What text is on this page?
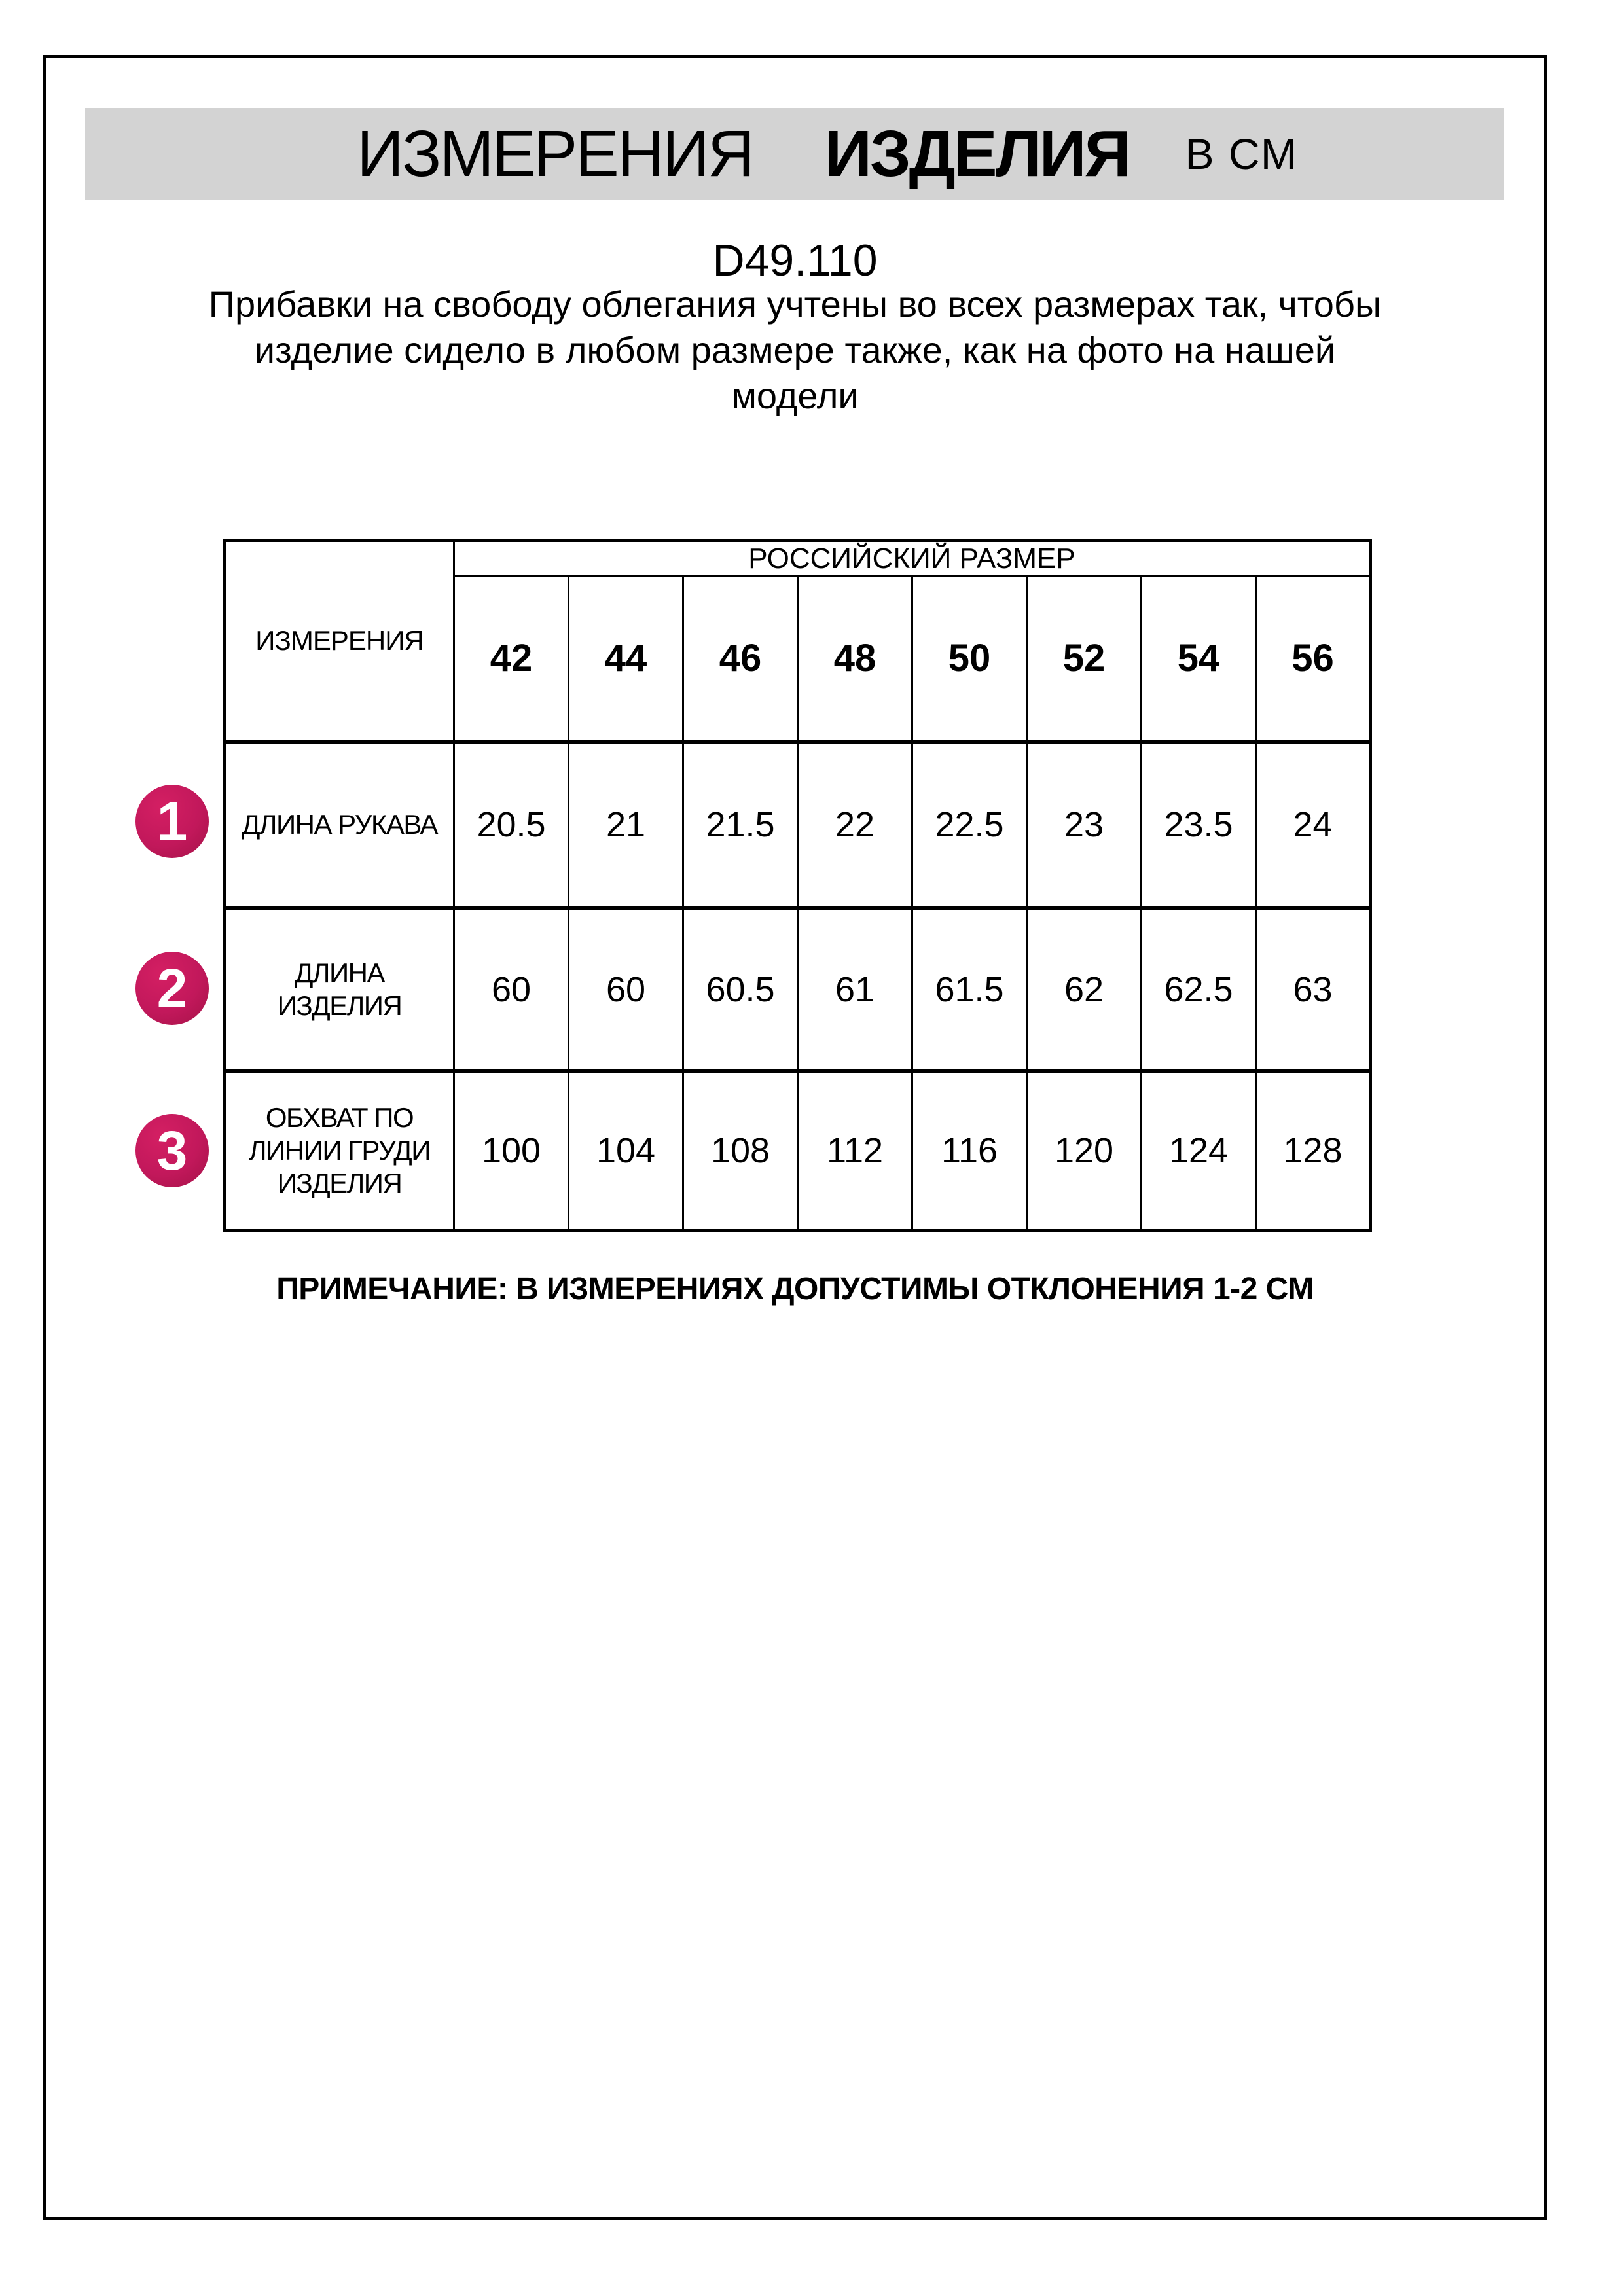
ИЗМЕРЕНИЯ ИЗДЕЛИЯ В СМ
D49.110
Прибавки на свободу облегания учтены во всех размерах так, чтобы
изделие сидело в любом размере также, как на фото на нашей
модели
ИЗМЕРЕНИЯ	РОССИЙСКИЙ РАЗМЕР							
	42	44	46	48	50	52	54	56

ДЛИНА РУКАВА	20.5	21	21.5	22	22.5	23	23.5	24

ДЛИНА
ИЗДЕЛИЯ	60	60	60.5	61	61.5	62	62.5	63

ОБХВАТ ПО
ЛИНИИ ГРУДИ
ИЗДЕЛИЯ	100	104	108	112	116	120	124	128
1
2
3
ПРИМЕЧАНИЕ: В ИЗМЕРЕНИЯХ ДОПУСТИМЫ ОТКЛОНЕНИЯ 1-2 СМ
